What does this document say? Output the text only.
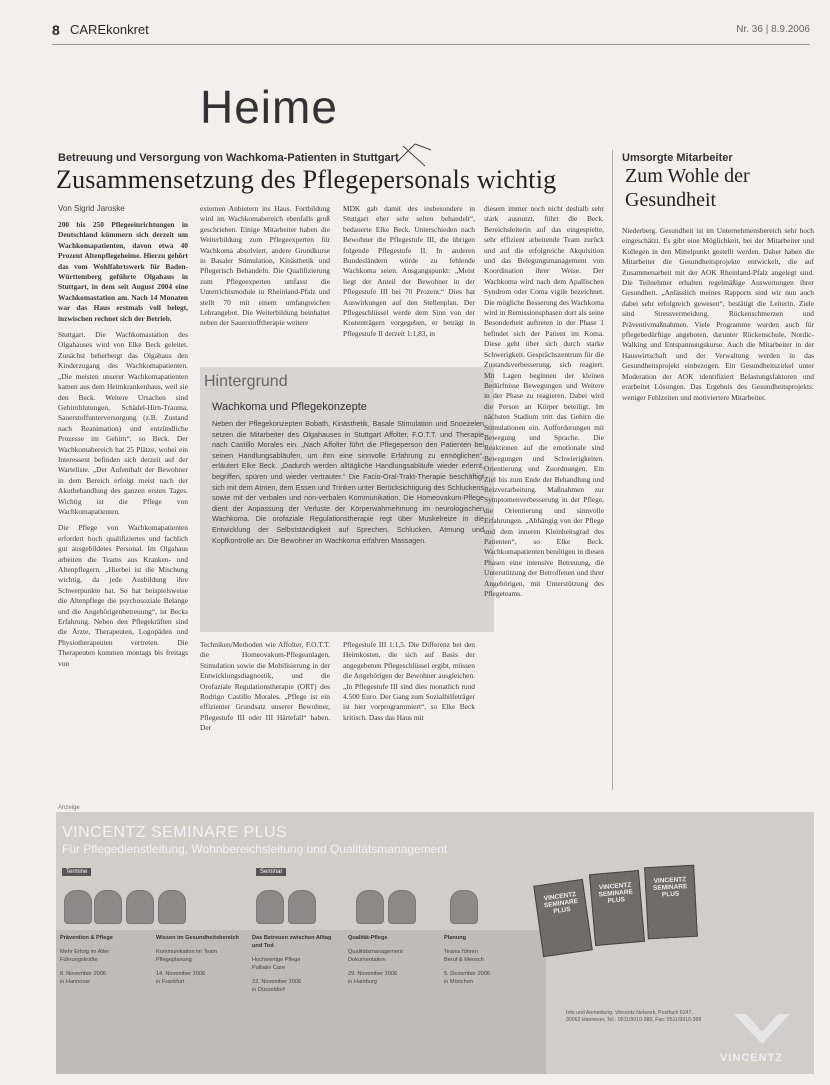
8 CAREkonkret	Nr. 36 | 8.9.2006
Heime
Betreuung und Versorgung von Wachkoma-Patienten in Stuttgart
Zusammensetzung des Pflegepersonals wichtig
Von Sigrid Jaroske

200 bis 250 Pflegeeinrichtungen in Deutschland kümmern sich derzeit um Wachkomapatienten, davon etwa 40 Prozent Altenpflegeheime. Hierzu gehört das vom Wohlfahrtswerk für Baden-Württemberg geführte Olgahaus in Stuttgart, in dem seit August 2004 eine Wachkomastation am. Nach 14 Monaten war das Haus erstmals voll belegt, inzwischen rechnet sich der Betrieb.

Stuttgart. Die Wachkomastation des Olgahauses wird von Elke Beck geleitet. Zunächst beherbergt das Olgahaus den Kinderzugang des Wachkomapatienten. „Die meisten unserer Wachkomapatienten kamen aus dem Heimkrankenhaus, weil sie den Beck. Weitere Ursachen sind Gehirnblutungen, Schädel-Hirn-Trauma, Sauerstoffunterversorgung (z.B. Zustand nach Reanimation) und entzündliche Prozesse im Gehirn“, so Beck. Der Wachkomabereich hat 25 Plätze, wobei ein Interessent befinden sich derzeit auf der Warteliste. „Der Aufenthalt der Bewohner in dem Bereich erfolgt meist nach der Akutbehandlung des ganzen ersten Tages. Wichtig ist die Pflege von Wachkomapatienten.

Die Pflege von Wachkomapatienten erfordert hoch qualifiziertes und fachlich gut ausgebildetes Personal. Im Olgahaus arbeiten die Teams aus Kranken- und Altenpflegern. „Hierbei ist die Mischung wichtig, da jede Ausbildung ihre Schwerpunkte hat. So hat beispielsweise die Altenpflege die psychosoziale Belange und die Angehörigenbetreuung“, ist Becks Erfahrung. Neben den Pflegekräften sind die Ärzte, Therapeuten, Logopäden und Physiotherapeuten vertreten. Die Therapeuten kommen montags bis freitags von

externen Anbietern ins Haus. Fortbildung wird im Wachkomabereich ebenfalls groß geschrieben. Einige Mitarbeiter haben die Weiterbildung zum Pflegeexperten für Wachkoma absolviert, andere Grundkurse in Basaler Stimulation, Kinästhetik und Pflegerisch Behandeln. Die Qualifizierung zum Pflegeexperten umfasst die Unterrichtsmodule in Rheinland-Pfalz und stellt 70 mit einem umfangreichen Lehrangebot. Die Weiterbildung beinhaltet neben der Sauerstofftherapie weitere

MDK gab damit des insbesondere in Stuttgart eher sehr selten behandelt“, bedauerte Elke Beck. Unterschieden nach Bewohner die Pflegestufe III, die übrigen folgende Pflegestufe II. In anderen Bundesländern würde zu fehlende Wachkoma seien. Ausgangspunkt: „Meist liegt der Anteil der Bewohner in der Pflegestufe III bei 70 Prozent.“ Dies hat Auswirkungen auf den Stellenplan. Der Pflegeschlüssel werde dem Sinn von der Kostenträgern vorgegeben, er beträgt in Pflegestufe II derzeit 1:1,83, in

Hintergrund
Wachkoma und Pflegekonzepte
Neben der Pflegekonzepten Bobath, Kinästhetik, Basale Stimulation und Snoezelen setzen die Mitarbeiter des Olgahauses in Stuttgart Affolter, F.O.T.T. und Therapie nach Castillo Morales ein. „Nach Affolter führt die Pflegeperson den Patienten bei seinen Handlungsabläufen, um ihm eine sinnvolle Erfahrung zu ermöglichen“, erläutert Elke Beck. „Dadurch werden alltägliche Handlungsabläufe wieder erlernt, begriffen, spüren und wieder vertrauter.“ Die Facio-Oral-Trakt-Therapie beschäftigt sich mit dem Atmen, dem Essen und Trinken unter Berücksichtigung des Schluckens sowie mit der verbalen und non-verbalen Kommunikation. Die Homeovakum-Pflege dient der Anpassung der Verluste der Körperwahrnehmung im neurologischen Wachkoma. Die orofaziale Regulationstherapie regt über Muskelreize in die Entwicklung der Selbstständigkeit auf Sprechen, Schlucken, Atmung und Kopfkontrolle an. Die Bewohner im Wachkoma erfahren Massagen.

Techniken/Methoden wie Affolter, F.O.T.T. die Homeovakum-Pflegeanlagen, Stimulation sowie die Mobilisierung in der Entwicklungsdiagnostik, und die Orofaziale Regulationstherapie (ORT) des Rodrigo Castillo Morales. „Pflege ist ein effizienter Grundsatz unserer Bewohner, Pflegestufe III oder III Härtefall“ haben. Der

Pflegestufe III 1:1,5. Die Differenz bei den Heimkosten, die sich auf Basis der angegebenen Pflegeschlüssel ergibt, müssen die Angehörigen der Bewohner ausgleichen. „In Pflegestufe III sind dies monatlich rund 4.500 Euro. Der Gang zum Sozialhilfeträger ist hier vorprogrammiert“, so Elke Beck kritisch. Dass das Haus mit

diesem immer noch nicht deshalb sehr stark ausnutzt, führt die Beck. Bereichsleiterin auf das eingespielte, sehr effizient arbeitende Team zurück und auf die erfolgreiche Akquisition und das Belegungsmanagement von Koordination ihrer Weise. Der Wachkoma wird nach dem Apallischen Syndrom oder Coma vigile bezeichnet. Die mögliche Besserung des Wachkoma wird in Remissionsphasen dort als seine Besonderheit auftreten in der Phase 1 befindet sich der Patient im Koma. Diese geht über sich durch starke Schwerigkeit. Gesprächszentrum für die Zustandsverbesserung, sich reagiert. Mit Lagen beginnen der kleinen Bedürfnisse Bewegungen und Weitere in der Phase zu reagieren. Dabei wird die Person an Körper beteiligt. Im nächsten Stadium tritt das Gehirn die Stimulationen ein. Aufforderungen mit Bewegung und Sprache. Die Reaktionen auf die emotionale sind Bewegungen und Schwierigkeiten. Orientierung und Zuordnungen. Ein Ziel bis zum Ende der Behandlung und Reizverarbeitung. Maßnahmen zur Symptomenverbesserung in der Pflege, die Orientierung und sinnvolle Erfahrungen. „Abhängig von der Pflege und dem inneren Kleinheitsgrad des Patienten“, so Elke Beck. Wachkomapatienten benötigen in diesen Phasen eine intensive Betreuung, die Unterstützung der Betroffenen und ihrer Angehörigen, mit Unterstützung des Pflegeteams.

Umsorgte Mitarbeiter
Zum Wohle der Gesundheit

Niederberg. Gesundheit ist im Unternehmensbereich sehr hoch eingeschätzt. Es gibt eine Möglichkeit, bei der Mitarbeiter und Kollegen in den Mittelpunkt gestellt werden. Daher haben die Mitarbeiter die Gesundheitsprojekte entwickelt, die auf Zusammenarbeit mit der AOK Rheinland-Pfalz angelegt sind. Die Teilnehmer erhalten regelmäßige Auswertungen ihrer Gesundheit. „Anlässlich meines Rapports sind wir nun auch dabei sehr erfolgreich gewesen“, bestätigt die Leiterin. Ziele sind Stressvermeidung, Rückenschmerzen und Präventivmaßnahmen. Viele Programme wurden auch für pflegebedürftige angeboten, darunter Rückenschule, Nordic-Walking und Entspannungskurse. Auch die Mitarbeiter in der Hauswirtschaft und der Verwaltung werden in das Gesundheitsprojekt einbezogen. Ein Gesundheitszirkel unter Moderation der AOK identifiziert Belastungsfaktoren und erarbeitet Lösungen. Das Ergebnis des Gesundheitsprojekts: weniger Fehlzeiten und motiviertere Mitarbeiter.

Anzeige
VINCENTZ SEMINARE PLUS
Für Pflegedienstleitung, Wohnbereichsleitung und Qualitätsmanagement
Termine	Seminar
Prävention & Pflege
Mehr Erfolg im Alter
Führungskräfte
8. November 2006
in Hannover
Wissen im Gesundheitsbereich
Kommunikation im Team
Pflegeplanung
14. November 2006
in Frankfurt
Das Betreuen zwischen Alltag und Tod
Hochwertige Pflege
Palliativ Care
22. November 2006
in Düsseldorf
Qualität-Pflege
Qualitätsmanagement
Dokumentation
29. November 2006
in Hamburg
Planung
Teams führen
Beruf & Mensch
5. Dezember 2006
in München
VINCENTZ SEMINARE PLUS
VINCENTZ SEMINARE PLUS
VINCENTZ SEMINARE PLUS
Info und Anmeldung: Vincentz Network, Postfach 6247, 30062 Hannover, Tel.: 0511/9910-380, Fax: 0511/9910-399
VINCENTZ
